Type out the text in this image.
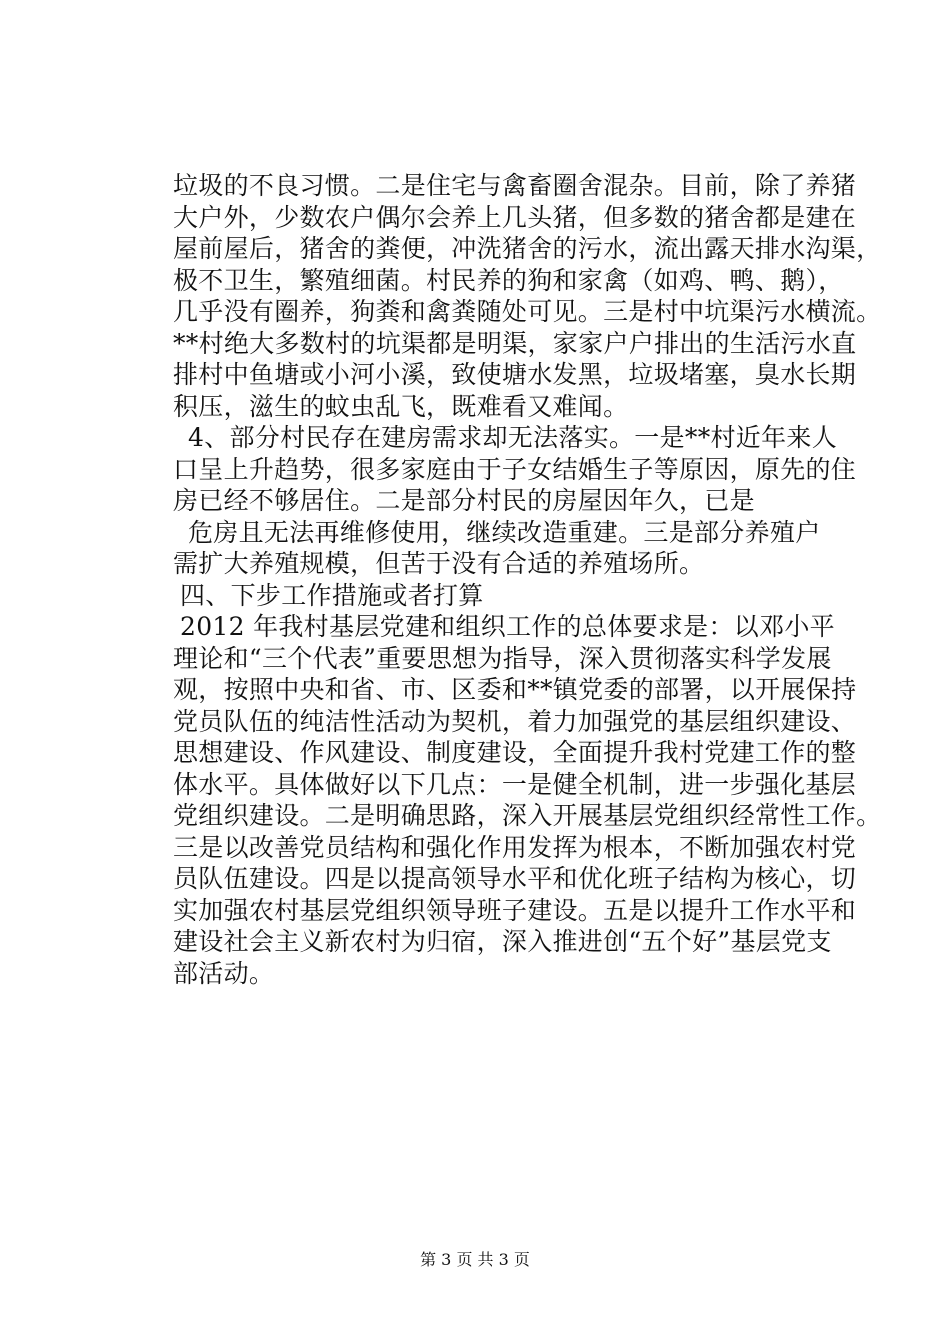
垃圾的不良习惯。二是住宅与禽畜圈舍混杂。目前，除了养猪
大户外，少数农户偶尔会养上几头猪，但多数的猪舍都是建在
屋前屋后，猪舍的粪便，冲洗猪舍的污水，流出露天排水沟渠，
极不卫生，繁殖细菌。村民养的狗和家禽（如鸡、鸭、鹅），
几乎没有圈养，狗粪和禽粪随处可见。三是村中坑渠污水横流。
**村绝大多数村的坑渠都是明渠，家家户户排出的生活污水直
排村中鱼塘或小河小溪，致使塘水发黑，垃圾堵塞，臭水长期
积压，滋生的蚊虫乱飞，既难看又难闻。
4、部分村民存在建房需求却无法落实。一是**村近年来人
口呈上升趋势，很多家庭由于子女结婚生子等原因，原先的住
房已经不够居住。二是部分村民的房屋因年久，已是
危房且无法再维修使用，继续改造重建。三是部分养殖户
需扩大养殖规模，但苦于没有合适的养殖场所。
四、下步工作措施或者打算
2012 年我村基层党建和组织工作的总体要求是：以邓小平
理论和“三个代表”重要思想为指导，深入贯彻落实科学发展
观，按照中央和省、市、区委和**镇党委的部署，以开展保持
党员队伍的纯洁性活动为契机，着力加强党的基层组织建设、
思想建设、作风建设、制度建设，全面提升我村党建工作的整
体水平。具体做好以下几点：一是健全机制，进一步强化基层
党组织建设。二是明确思路，深入开展基层党组织经常性工作。
三是以改善党员结构和强化作用发挥为根本，不断加强农村党
员队伍建设。四是以提高领导水平和优化班子结构为核心，切
实加强农村基层党组织领导班子建设。五是以提升工作水平和
建设社会主义新农村为归宿，深入推进创“五个好”基层党支
部活动。
第 3 页 共 3 页
